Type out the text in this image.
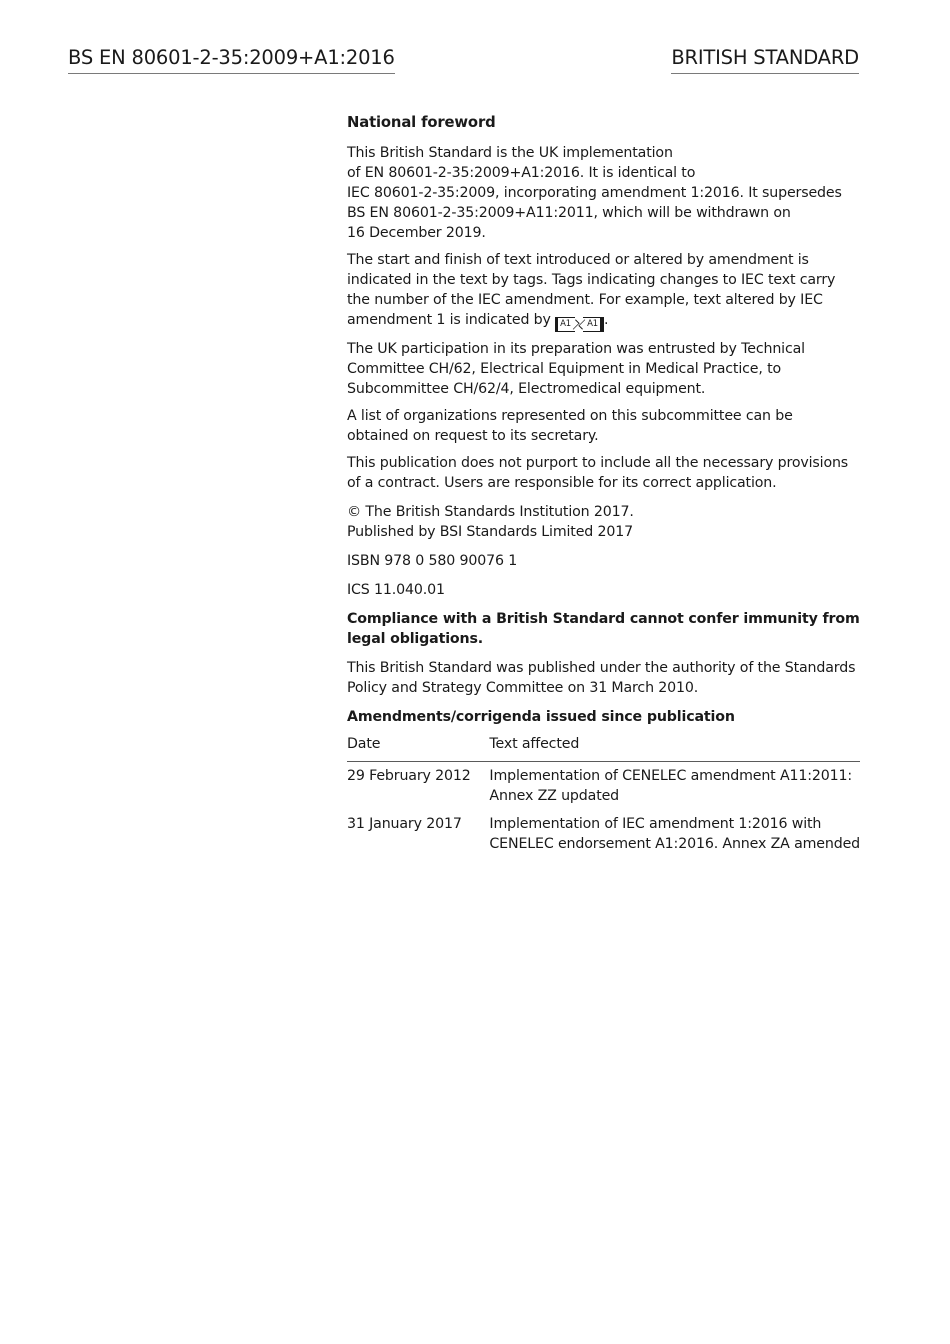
BS EN 80601-2-35:2009+A1:2016	BRITISH STANDARD
National foreword

This British Standard is the UK implementation
of EN 80601-2-35:2009+A1:2016. It is identical to
IEC 80601-2-35:2009, incorporating amendment 1:2016. It supersedes
BS EN 80601-2-35:2009+A11:2011, which will be withdrawn on
16 December 2019.

The start and finish of text introduced or altered by amendment is
indicated in the text by tags. Tags indicating changes to IEC text carry
the number of the IEC amendment. For example, text altered by IEC
amendment 1 is indicated by A1 A1 .

The UK participation in its preparation was entrusted by Technical
Committee CH/62, Electrical Equipment in Medical Practice, to
Subcommittee CH/62/4, Electromedical equipment.

A list of organizations represented on this subcommittee can be
obtained on request to its secretary.

This publication does not purport to include all the necessary provisions
of a contract. Users are responsible for its correct application.

© The British Standards Institution 2017.
Published by BSI Standards Limited 2017

ISBN 978 0 580 90076 1

ICS 11.040.01

Compliance with a British Standard cannot confer immunity from
legal obligations.

This British Standard was published under the authority of the Standards
Policy and Strategy Committee on 31 March 2010.

Amendments/corrigenda issued since publication

Date	Text affected
29 February 2012	Implementation of CENELEC amendment A11:2011:
Annex ZZ updated

31 January 2017	Implementation of IEC amendment 1:2016 with
CENELEC endorsement A1:2016. Annex ZA amended
